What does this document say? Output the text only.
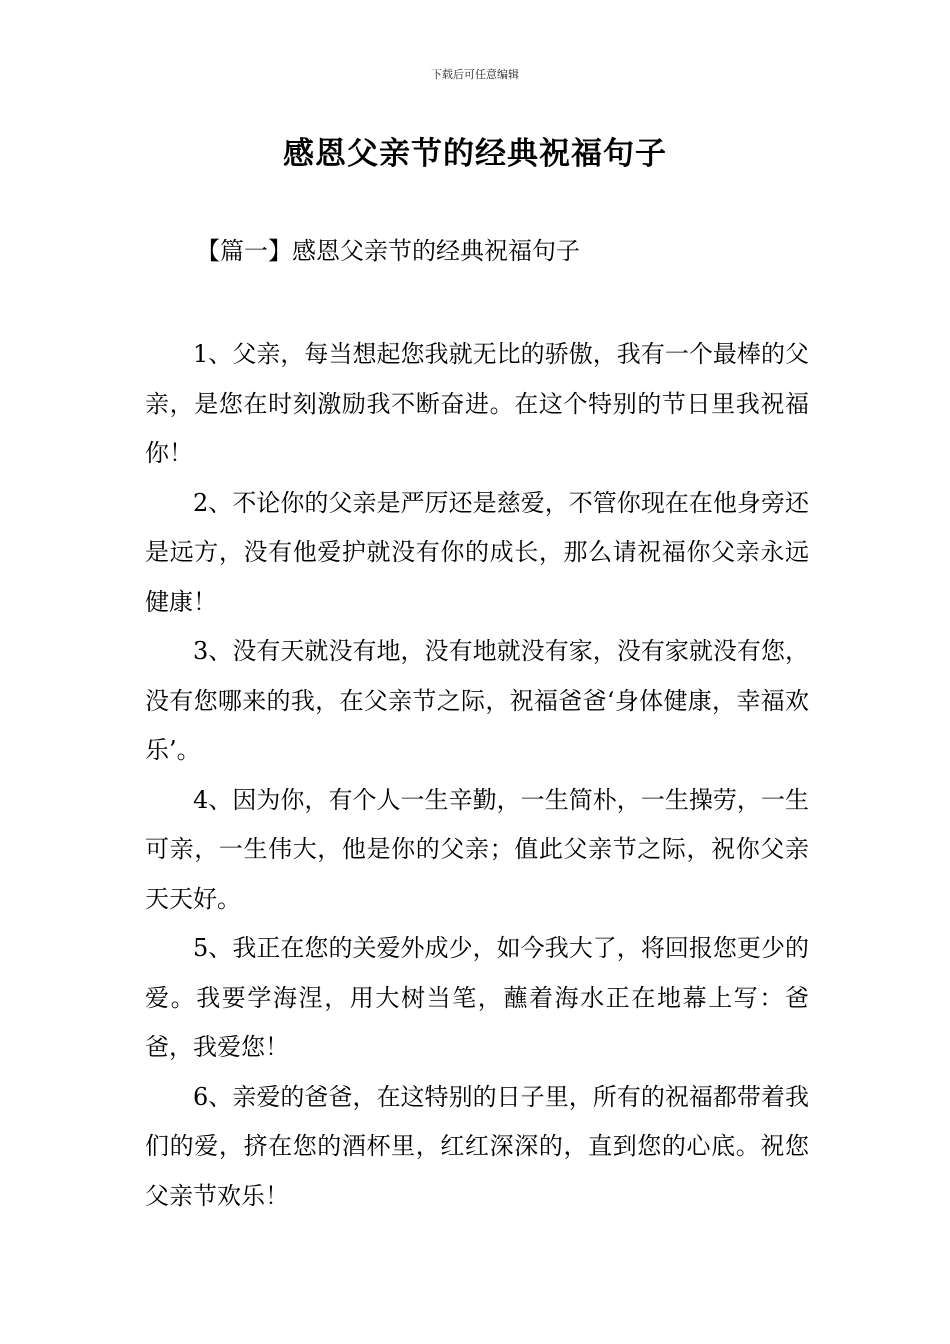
下载后可任意编辑
感恩父亲节的经典祝福句子
【篇一】感恩父亲节的经典祝福句子

1、父亲，每当想起您我就无比的骄傲，我有一个最棒的父亲，是您在时刻激励我不断奋进。在这个特别的节日里我祝福你！

2、不论你的父亲是严厉还是慈爱，不管你现在在他身旁还是远方，没有他爱护就没有你的成长，那么请祝福你父亲永远健康！

3、没有天就没有地，没有地就没有家，没有家就没有您，没有您哪来的我，在父亲节之际，祝福爸爸‘身体健康，幸福欢乐’。

4、因为你，有个人一生辛勤，一生简朴，一生操劳，一生可亲，一生伟大，他是你的父亲；值此父亲节之际，祝你父亲天天好。

5、我正在您的关爱外成少，如今我大了，将回报您更少的爱。我要学海涅，用大树当笔，蘸着海水正在地幕上写：爸爸，我爱您！

6、亲爱的爸爸，在这特别的日子里，所有的祝福都带着我们的爱，挤在您的酒杯里，红红深深的，直到您的心底。祝您父亲节欢乐！
